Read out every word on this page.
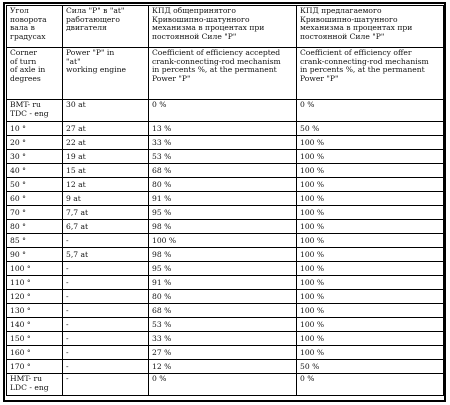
Угол
поворота
вала в
градусах	Сила "P" в "at"
работающего
двигателя	КПД общепринятого
Кривошипно-шатунного
механизма в процентах при
постоянной Силе "P"	КПД предлагаемого
Кривошипно-шатунного
механизма в процентах при
постоянной Силе "P"
Corner
of turn
of axle in
degrees	Power "P" in
"at"
working engine	Coefficient of efficiency accepted
crank-connecting-rod mechanism
in percents %, at the permanent
Power "P"	Coefficient of efficiency offer
crank-connecting-rod mechanism
in percents %, at the permanent
Power "P"
BMT- ru
TDC - eng	30 at	0 %	0 %
10 °	27 at	13 %	50 %
20 °	22 at	33 %	100 %
30 °	19 at	53 %	100 %
40 °	15 at	68 %	100 %
50 °	12 at	80 %	100 %
60 °	9 at	91 %	100 %
70 °	7,7 at	95 %	100 %
80 °	6,7 at	98 %	100 %
85 °	-	100 %	100 %
90 °	5,7 at	98 %	100 %
100 °	-	95 %	100 %
110 °	-	91 %	100 %
120 °	-	80 %	100 %
130 °	-	68 %	100 %
140 °	-	53 %	100 %
150 °	-	33 %	100 %
160 °	-	27 %	100 %
170 °	-	12 %	50 %
HMT- ru
LDC - eng	-	0 %	0 %
